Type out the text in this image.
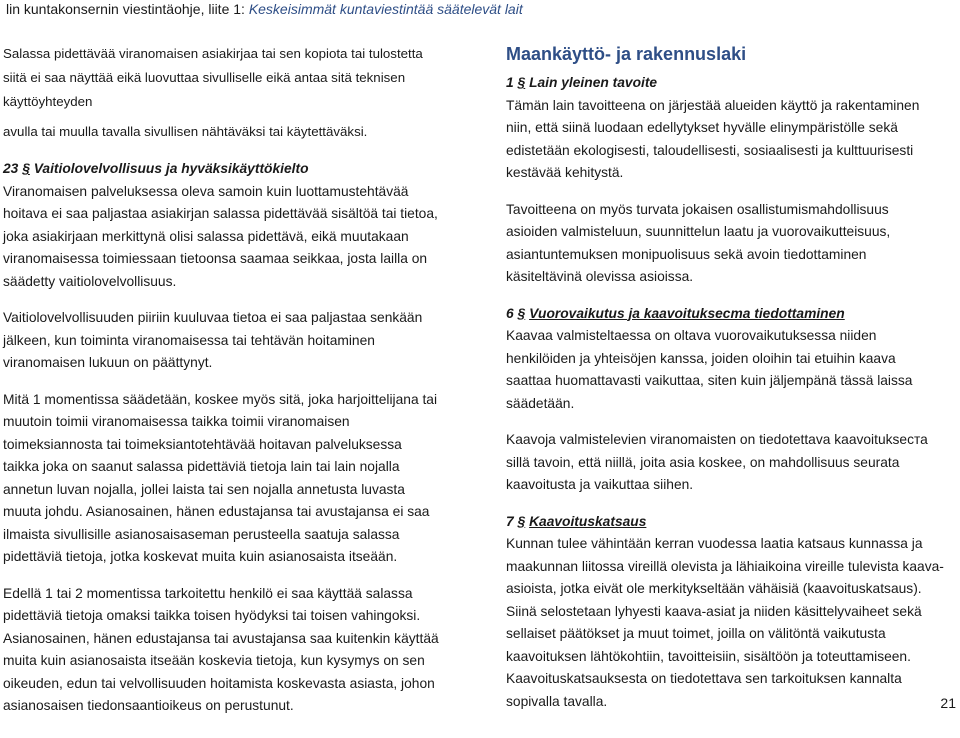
lin kuntakonsernin viestintäohje, liite 1: Keskeisimmät kuntaviestintää säätelevät lait

Salassa pidettävää viranomaisen asiakirjaa tai sen kopiota tai tulostetta

siitä ei saa näyttää eikä luovuttaa sivulliselle eikä antaa sitä teknisen

käyttöyhteyden

avulla tai muulla tavalla sivullisen nähtäväksi tai käytettäväksi.

23 § Vaitiolovelvollisuus ja hyväksikäyttökielto

Viranomaisen palveluksessa oleva samoin kuin luottamustehtävää

hoitava ei saa paljastaa asiakirjan salassa pidettävää sisältöä tai tietoa,

joka asiakirjaan merkittynä olisi salassa pidettävä, eikä muutakaan

viranomaisessa toimiessaan tietoonsa saamaa seikkaa, josta lailla on

säädetty vaitiolovelvollisuus.

Vaitiolovelvollisuuden piiriin kuuluvaa tietoa ei saa paljastaa senkään

jälkeen, kun toiminta viranomaisessa tai tehtävän hoitaminen

viranomaisen lukuun on päättynyt.

Mitä 1 momentissa säädetään, koskee myös sitä, joka harjoittelijana tai

muutoin toimii viranomaisessa taikka toimii viranomaisen

toimeksiannosta tai toimeksiantotehtävää hoitavan palveluksessa

taikka joka on saanut salassa pidettäviä tietoja lain tai lain nojalla

annetun luvan nojalla, jollei laista tai sen nojalla annetusta luvasta

muuta johdu. Asianosainen, hänen edustajansa tai avustajansa ei saa

ilmaista sivullisille asianosaisaseman perusteella saatuja salassa

pidettäviä tietoja, jotka koskevat muita kuin asianosaista itseään.

Edellä 1 tai 2 momentissa tarkoitettu henkilö ei saa käyttää salassa

pidettäviä tietoja omaksi taikka toisen hyödyksi tai toisen vahingoksi.

Asianosainen, hänen edustajansa tai avustajansa saa kuitenkin käyttää

muita kuin asianosaista itseään koskevia tietoja, kun kysymys on sen

oikeuden, edun tai velvollisuuden hoitamista koskevasta asiasta, johon

asianosaisen tiedonsaantioikeus on perustunut.

Maankäyttö- ja rakennuslaki
1 § Lain yleinen tavoite

Tämän lain tavoitteena on järjestää alueiden käyttö ja rakentaminen

niin, että siinä luodaan edellytykset hyvälle elinympäristölle sekä

edistetään ekologisesti, taloudellisesti, sosiaalisesti ja kulttuurisesti

kestävää kehitystä.

Tavoitteena on myös turvata jokaisen osallistumismahdollisuus

asioiden valmisteluun, suunnittelun laatu ja vuorovaikutteisuus,

asiantuntemuksen monipuolisuus sekä avoin tiedottaminen

käsiteltävinä olevissa asioissa.

6 § Vuorovaikutus ja kaavoitukseста tiedottaminen

Kaavaa valmisteltaessa on oltava vuorovaikutuksessa niiden

henkilöiden ja yhteisöjen kanssa, joiden oloihin tai etuihin kaava

saattaa huomattavasti vaikuttaa, siten kuin jäljempänä tässä laissa

säädetään.

Kaavoja valmistelevien viranomaisten on tiedotettava kaavoitukseста

sillä tavoin, että niillä, joita asia koskee, on mahdollisuus seurata

kaavoitusta ja vaikuttaa siihen.

7 § Kaavoituskatsaus

Kunnan tulee vähintään kerran vuodessa laatia katsaus kunnassa ja

maakunnan liitossa vireillä olevista ja lähiaikoina vireille tulevista kaava-

asioista, jotka eivät ole merkitykseltään vähäisiä (kaavoituskatsaus).

Siinä selostetaan lyhyesti kaava-asiat ja niiden käsittelyvaiheet sekä

sellaiset päätökset ja muut toimet, joilla on välitöntä vaikutusta

kaavoituksen lähtökohtiin, tavoitteisiin, sisältöön ja toteuttamiseen.

Kaavoituskatsauksesta on tiedotettava sen tarkoituksen kannalta

sopivalla tavalla.	21
